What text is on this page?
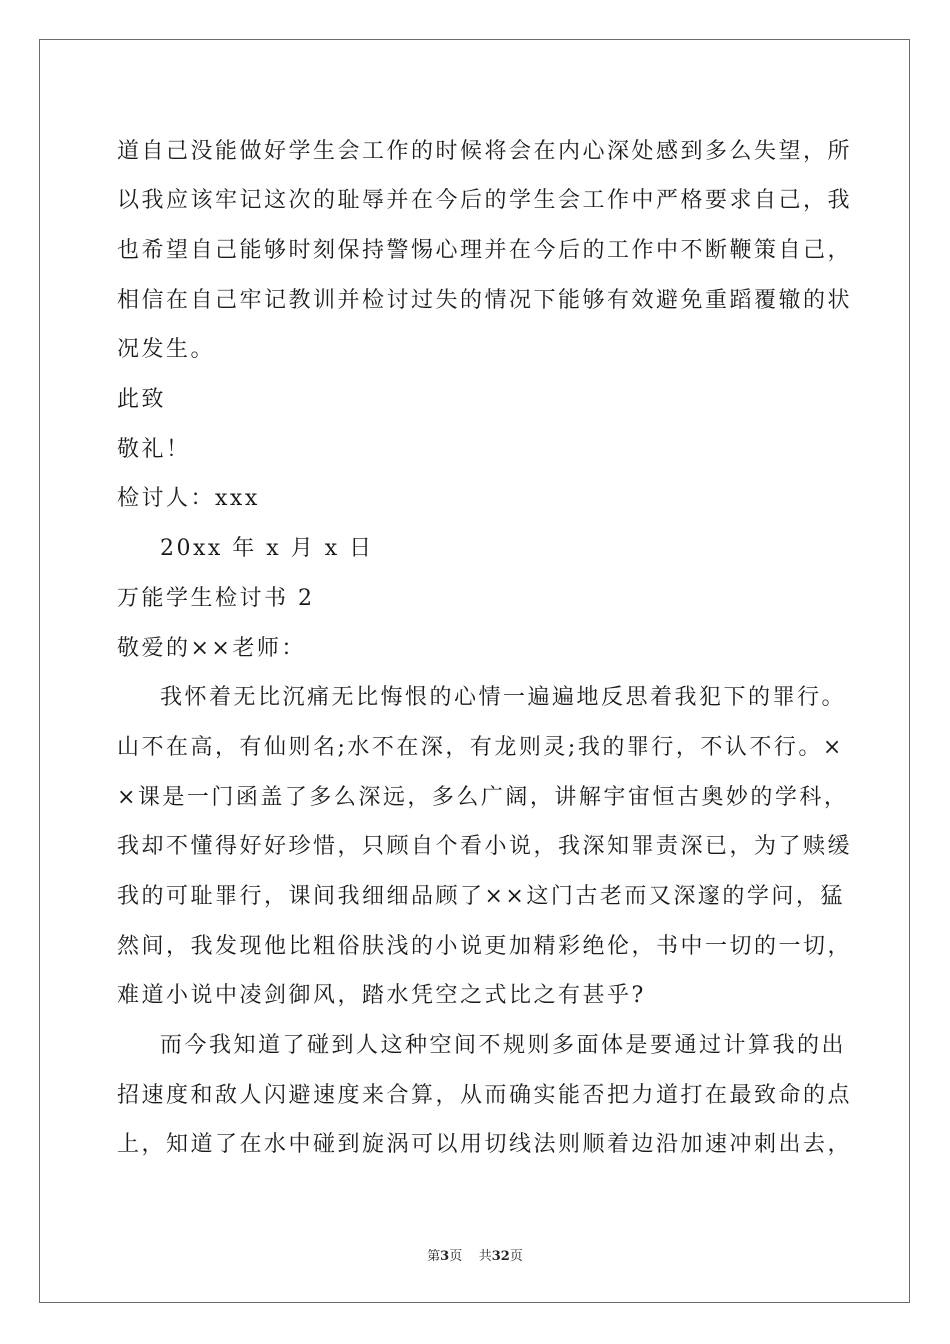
道自己没能做好学生会工作的时候将会在内心深处感到多么失望，所
以我应该牢记这次的耻辱并在今后的学生会工作中严格要求自己，我
也希望自己能够时刻保持警惕心理并在今后的工作中不断鞭策自己，
相信在自己牢记教训并检讨过失的情况下能够有效避免重蹈覆辙的状
况发生。
此致
敬礼！
检讨人：xxx
20xx 年 x 月 x 日
万能学生检讨书 2
敬爱的××老师：
我怀着无比沉痛无比悔恨的心情一遍遍地反思着我犯下的罪行。
山不在高，有仙则名;水不在深，有龙则灵;我的罪行，不认不行。×
×课是一门函盖了多么深远，多么广阔，讲解宇宙恒古奥妙的学科，
我却不懂得好好珍惜，只顾自个看小说，我深知罪责深已，为了赎缓
我的可耻罪行，课间我细细品顾了××这门古老而又深邃的学问，猛
然间，我发现他比粗俗肤浅的小说更加精彩绝伦，书中一切的一切，
难道小说中凌剑御风，踏水凭空之式比之有甚乎?
而今我知道了碰到人这种空间不规则多面体是要通过计算我的出
招速度和敌人闪避速度来合算，从而确实能否把力道打在最致命的点
上，知道了在水中碰到旋涡可以用切线法则顺着边沿加速冲刺出去，
第3页    共32页
